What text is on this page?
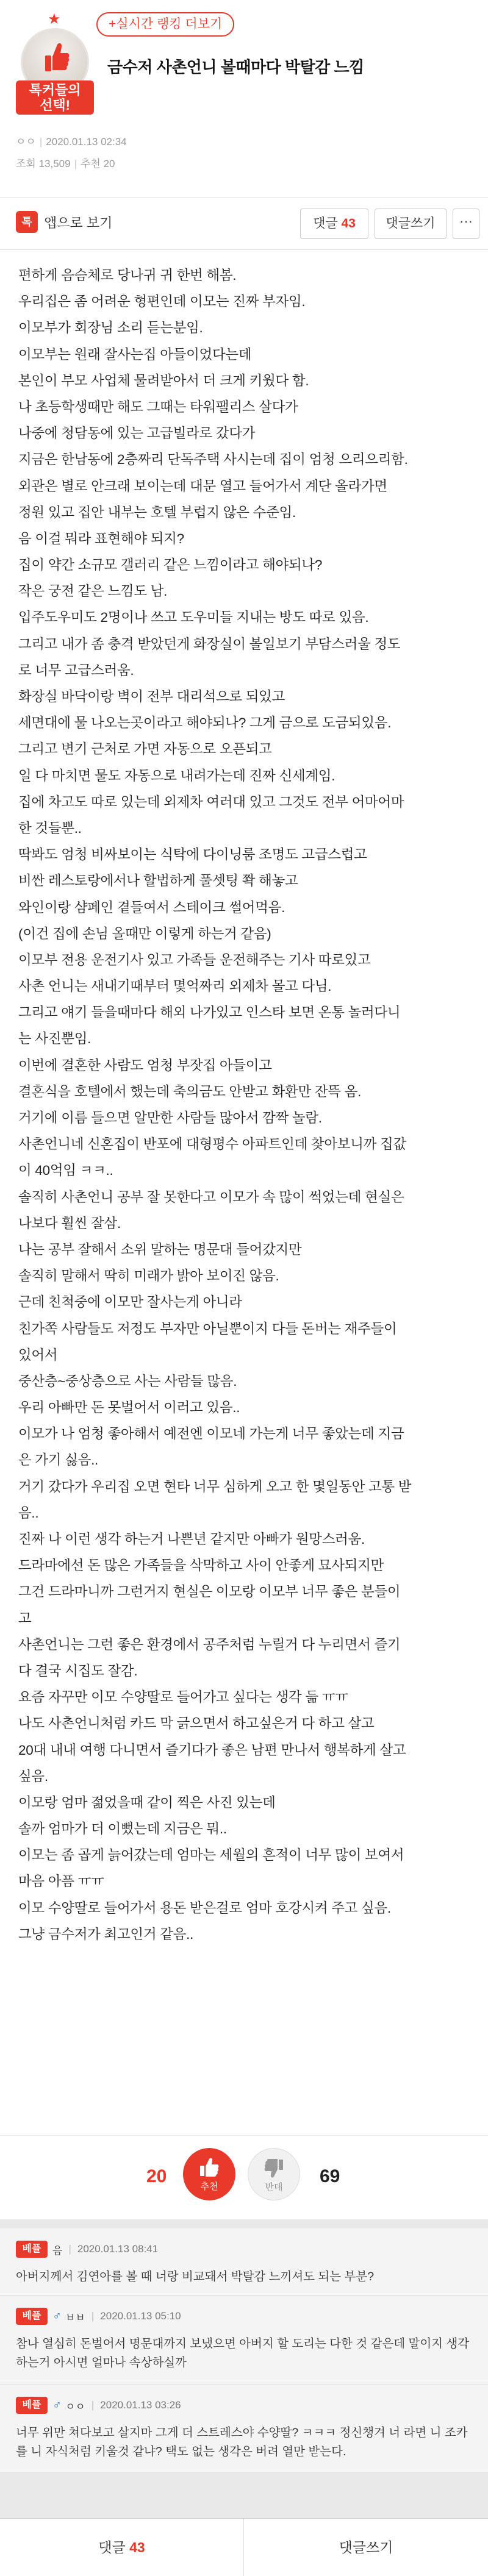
★
톡커들의
선택!
+실시간 랭킹 더보기
금수저 사촌언니 볼때마다 박탈감 느낌
ㅇㅇ | 2020.01.13 02:34
조회 13,509 | 추천 20
톡 앱으로 보기	댓글 43	댓글쓰기	···
편하게 음슴체로 당나귀 귀 한번 해봄.
우리집은 좀 어려운 형편인데 이모는 진짜 부자임.
이모부가 회장님 소리 듣는분임.
이모부는 원래 잘사는집 아들이었다는데
본인이 부모 사업체 물려받아서 더 크게 키웠다 함.
나 초등학생때만 해도 그때는 타워팰리스 살다가
나중에 청담동에 있는 고급빌라로 갔다가
지금은 한남동에 2층짜리 단독주택 사시는데 집이 엄청 으리으리함.
외관은 별로 안크래 보이는데 대문 열고 들어가서 계단 올라가면
정원 있고 집안 내부는 호텔 부럽지 않은 수준임.
음 이걸 뭐라 표현해야 되지?
집이 약간 소규모 갤러리 같은 느낌이라고 해야되나?
작은 궁전 같은 느낌도 남.
입주도우미도 2명이나 쓰고 도우미들 지내는 방도 따로 있음.
그리고 내가 좀 충격 받았던게 화장실이 볼일보기 부담스러울 정도
로 너무 고급스러움.
화장실 바닥이랑 벽이 전부 대리석으로 되있고
세면대에 물 나오는곳이라고 해야되나? 그게 금으로 도금되있음.
그리고 변기 근처로 가면 자동으로 오픈되고
일 다 마치면 물도 자동으로 내려가는데 진짜 신세계임.
집에 차고도 따로 있는데 외제차 여러대 있고 그것도 전부 어마어마
한 것들뿐..
딱봐도 엄청 비싸보이는 식탁에 다이닝룸 조명도 고급스럽고
비싼 레스토랑에서나 할법하게 풀셋팅 쫙 해놓고
와인이랑 샴페인 곁들여서 스테이크 썰어먹음.
(이건 집에 손님 올때만 이렇게 하는거 같음)
이모부 전용 운전기사 있고 가족들 운전해주는 기사 따로있고
사촌 언니는 새내기때부터 몇억짜리 외제차 몰고 다님.
그리고 얘기 들을때마다 해외 나가있고 인스타 보면 온통 놀러다니
는 사진뿐임.
이번에 결혼한 사람도 엄청 부잣집 아들이고
결혼식을 호텔에서 했는데 축의금도 안받고 화환만 잔뜩 옴.
거기에 이름 들으면 알만한 사람들 많아서 깜짝 놀람.
사촌언니네 신혼집이 반포에 대형평수 아파트인데 찾아보니까 집값
이 40억임 ㅋㅋ..
솔직히 사촌언니 공부 잘 못한다고 이모가 속 많이 썩었는데 현실은
나보다 훨씬 잘삼.
나는 공부 잘해서 소위 말하는 명문대 들어갔지만
솔직히 말해서 딱히 미래가 밝아 보이진 않음.
근데 친척중에 이모만 잘사는게 아니라
친가쪽 사람들도 저정도 부자만 아닐뿐이지 다들 돈버는 재주들이
있어서
중산층~중상층으로 사는 사람들 많음.
우리 아빠만 돈 못벌어서 이러고 있음..
이모가 나 엄청 좋아해서 예전엔 이모네 가는게 너무 좋았는데 지금
은 가기 싫음..
거기 갔다가 우리집 오면 현타 너무 심하게 오고 한 몇일동안 고통 받
음..
진짜 나 이런 생각 하는거 나쁜년 같지만 아빠가 원망스러움.
드라마에선 돈 많은 가족들을 삭막하고 사이 안좋게 묘사되지만
그건 드라마니까 그런거지 현실은 이모랑 이모부 너무 좋은 분들이
고
사촌언니는 그런 좋은 환경에서 공주처럼 누릴거 다 누리면서 즐기
다 결국 시집도 잘감.
요즘 자꾸만 이모 수양딸로 들어가고 싶다는 생각 듦 ㅠㅠ
나도 사촌언니처럼 카드 막 긁으면서 하고싶은거 다 하고 살고
20대 내내 여행 다니면서 즐기다가 좋은 남편 만나서 행복하게 살고
싶음.
이모랑 엄마 젊었을때 같이 찍은 사진 있는데
솔까 엄마가 더 이뻤는데 지금은 뭐..
이모는 좀 곱게 늙어갔는데 엄마는 세월의 흔적이 너무 많이 보여서
마음 아픔 ㅠㅠ
이모 수양딸로 들어가서 용돈 받은걸로 엄마 호강시켜 주고 싶음.
그냥 금수저가 최고인거 같음..
20
추천	반대
69
베플	음 | 2020.01.13 08:41
아버지께서 김연아를 볼 때 너랑 비교돼서 박탈감 느끼셔도 되는 부분?
베플 ♂ ㅂㅂ | 2020.01.13 05:10
참나 열심히 돈벌어서 명문대까지 보냈으면 아버지 할 도리는 다한 것 같은데 말이지 생각하는거 아시면 얼마나 속상하실까
베플 ♂ ㅇㅇ | 2020.01.13 03:26
너무 위만 쳐다보고 살지마 그게 더 스트레스야 수양딸? ㅋㅋㅋ 정신챙겨 너 라면 니 조카를 니 자식처럼 키울것 같냐? 택도 없는 생각은 버려 열만 받는다.
댓글 43	댓글쓰기
